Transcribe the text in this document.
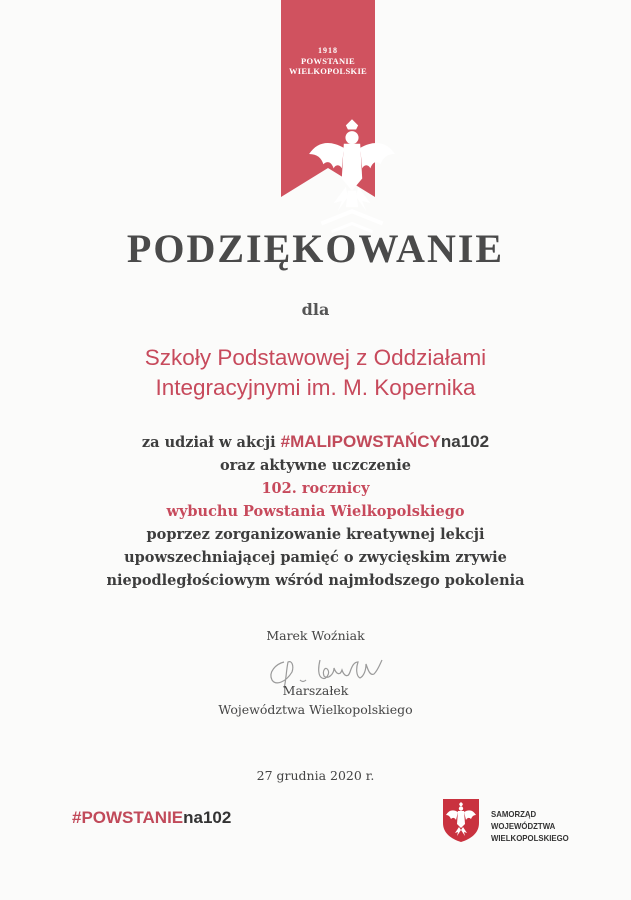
1918
POWSTANIE
WIELKOPOLSKIE
PODZIĘKOWANIE
dla
Szkoły Podstawowej z Oddziałami
Integracyjnymi im. M. Kopernika
za udział w akcji #MALIPOWSTAŃCYna102
oraz aktywne uczczenie
102. rocznicy
wybuchu Powstania Wielkopolskiego
poprzez zorganizowanie kreatywnej lekcji
upowszechniającej pamięć o zwycięskim zrywie
niepodległościowym wśród najmłodszego pokolenia
Marek Woźniak
Marszałek
Województwa Wielkopolskiego
27 grudnia 2020 r.
#POWSTANIEna102	SAMORZĄD WOJEWÓDZTWA
WIELKOPOLSKIEGO
